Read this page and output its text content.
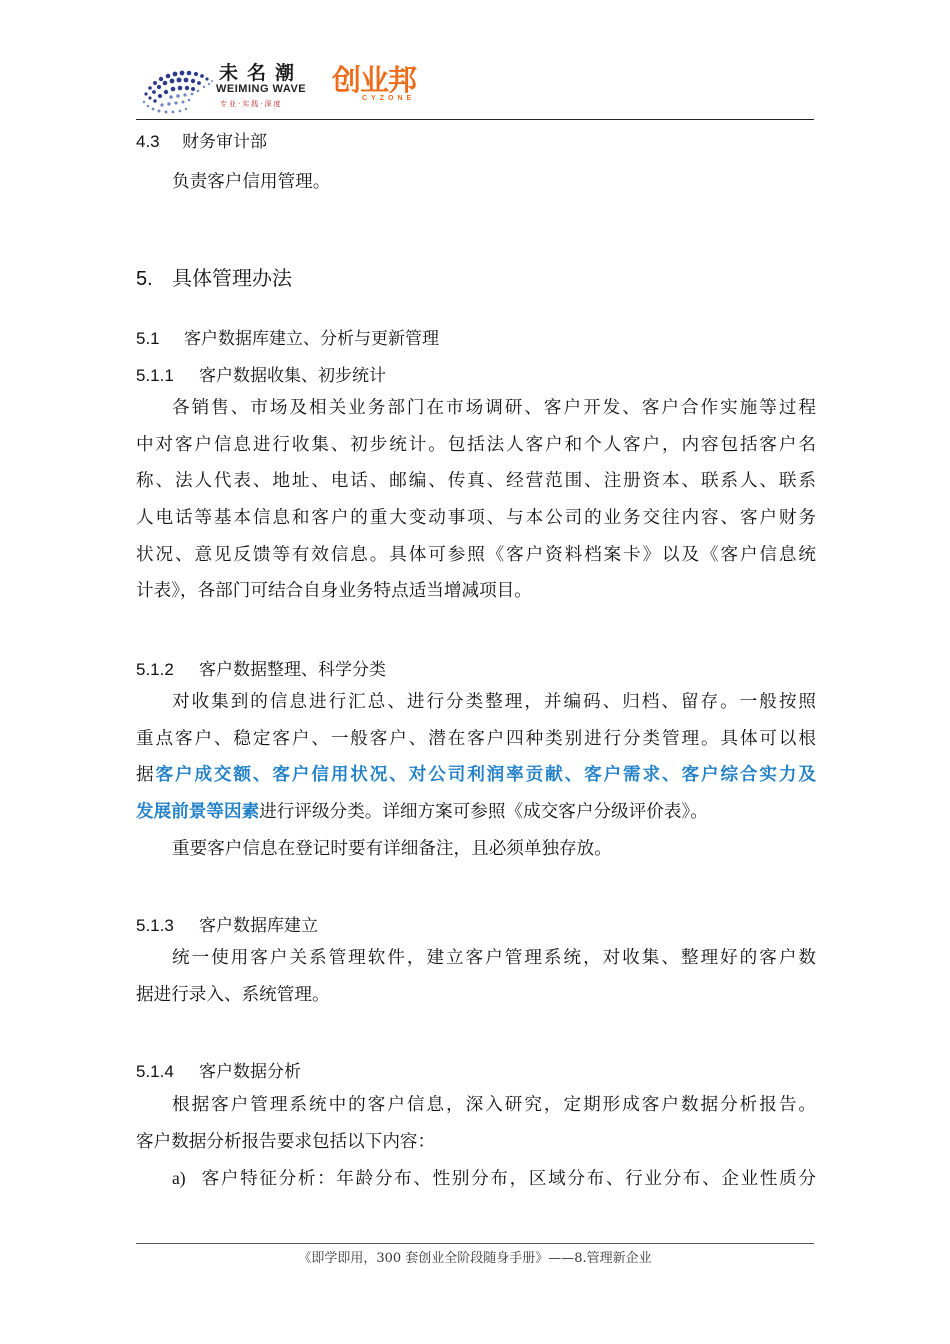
未名潮
WEIMING WAVE
专业·实践·深度
创业邦
CYZONE
4.3 财务审计部
负责客户信用管理。
5. 具体管理办法
5.1 客户数据库建立、分析与更新管理
5.1.1 客户数据收集、初步统计
各销售、市场及相关业务部门在市场调研、客户开发、客户合作实施等过程
中对客户信息进行收集、初步统计。包括法人客户和个人客户，内容包括客户名
称、法人代表、地址、电话、邮编、传真、经营范围、注册资本、联系人、联系
人电话等基本信息和客户的重大变动事项、与本公司的业务交往内容、客户财务
状况、意见反馈等有效信息。具体可参照《客户资料档案卡》以及《客户信息统
计表》，各部门可结合自身业务特点适当增减项目。
5.1.2 客户数据整理、科学分类
对收集到的信息进行汇总、进行分类整理，并编码、归档、留存。一般按照
重点客户、稳定客户、一般客户、潜在客户四种类别进行分类管理。具体可以根
据客户成交额、客户信用状况、对公司利润率贡献、客户需求、客户综合实力及
发展前景等因素进行评级分类。详细方案可参照《成交客户分级评价表》。
重要客户信息在登记时要有详细备注，且必须单独存放。
5.1.3 客户数据库建立
统一使用客户关系管理软件，建立客户管理系统，对收集、整理好的客户数
据进行录入、系统管理。
5.1.4 客户数据分析
根据客户管理系统中的客户信息，深入研究，定期形成客户数据分析报告。
客户数据分析报告要求包括以下内容：
a) 客户特征分析：年龄分布、性别分布，区域分布、行业分布、企业性质分
《即学即用，300 套创业全阶段随身手册》——8.管理新企业
